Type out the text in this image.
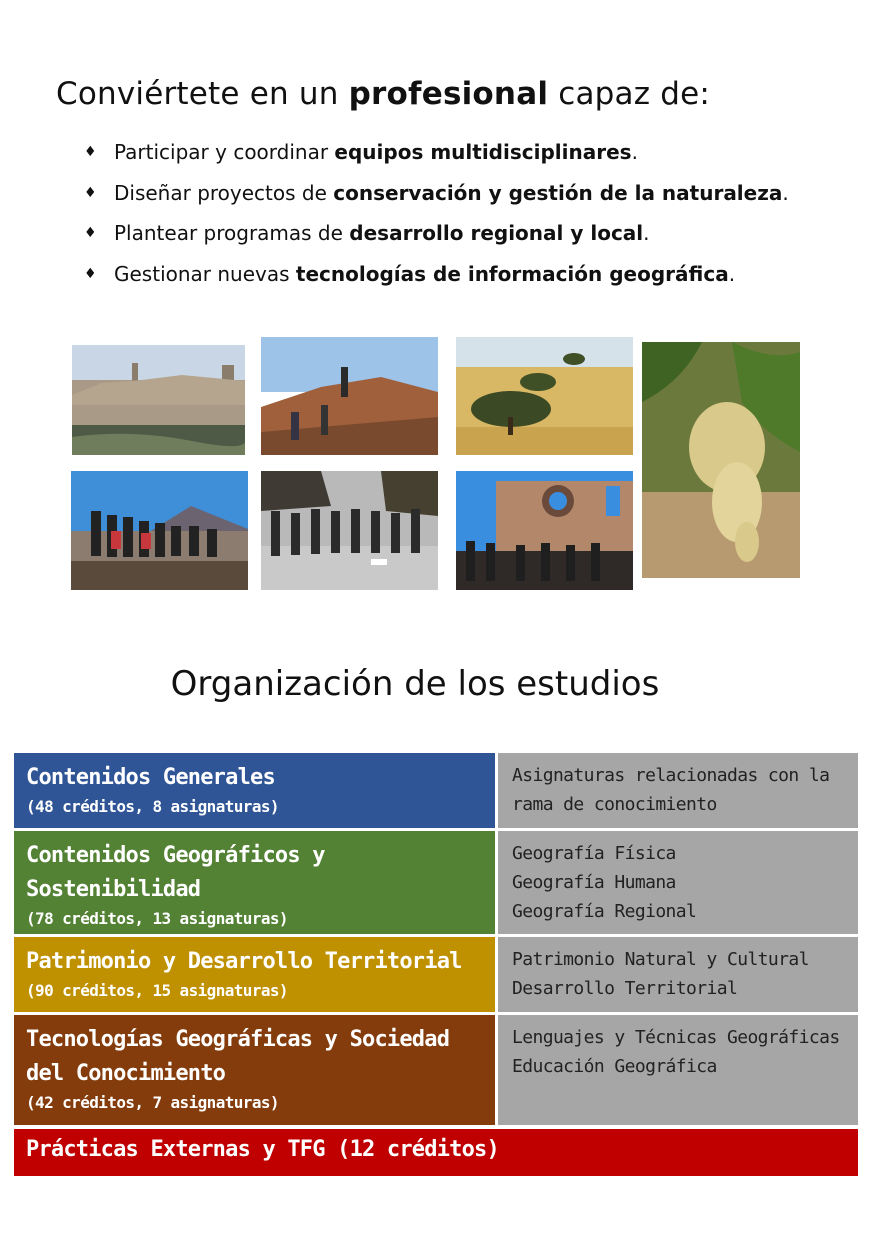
Conviértete en un profesional capaz de:
♦ Participar y coordinar equipos multidisciplinares.
♦ Diseñar proyectos de conservación y gestión de la naturaleza.
♦ Plantear programas de desarrollo regional y local.
♦ Gestionar nuevas tecnologías de información geográfica.
Organización de los estudios
Contenidos Generales
(48 créditos, 8 asignaturas)
Asignaturas relacionadas con la rama de conocimiento
Contenidos Geográficos y Sostenibilidad
(78 créditos, 13 asignaturas)
Geografía Física
Geografía Humana
Geografía Regional
Patrimonio y Desarrollo Territorial
(90 créditos, 15 asignaturas)
Patrimonio Natural y Cultural
Desarrollo Territorial
Tecnologías Geográficas y Sociedad del Conocimiento
(42 créditos, 7 asignaturas)
Lenguajes y Técnicas Geográficas
Educación Geográfica
Prácticas Externas y TFG (12 créditos)
